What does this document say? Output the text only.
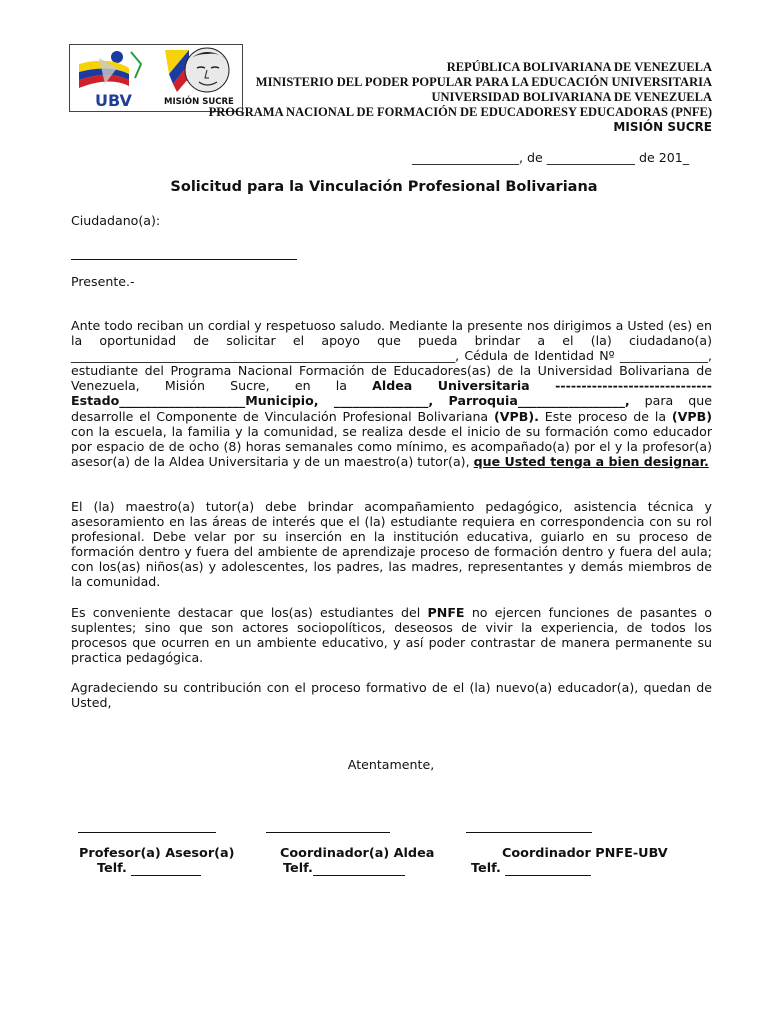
UBV	MISIÓN SUCRE
REPÚBLICA BOLIVARIANA DE VENEZUELA
MINISTERIO DEL PODER POPULAR PARA LA EDUCACIÓN UNIVERSITARIA
UNIVERSIDAD BOLIVARIANA DE VENEZUELA
PROGRAMA NACIONAL DE FORMACIÓN DE EDUCADORESY EDUCADORAS (PNFE)
MISIÓN SUCRE
_________________, de ______________ de 201_
Solicitud para la Vinculación Profesional Bolivariana
Ciudadano(a):
Presente.-
Ante todo reciban un cordial y respetuoso saludo. Mediante la presente nos dirigimos a Usted (es) en la oportunidad de solicitar el apoyo que pueda brindar a el (la) ciudadano(a) _____________________________________________________________, Cédula de Identidad Nº ______________, estudiante del Programa Nacional Formación de Educadores(as) de la Universidad Bolivariana de Venezuela, Misión Sucre, en la Aldea Universitaria ------------------------------ Estado____________________Municipio, _______________, Parroquia_________________, para que desarrolle el Componente de Vinculación Profesional Bolivariana (VPB). Este proceso de la (VPB) con la escuela, la familia y la comunidad, se realiza desde el inicio de su formación como educador por espacio de de ocho (8) horas semanales como mínimo, es acompañado(a) por el y la profesor(a) asesor(a) de la Aldea Universitaria y de un maestro(a) tutor(a), que Usted tenga a bien designar.
El (la) maestro(a) tutor(a) debe brindar acompañamiento pedagógico, asistencia técnica y asesoramiento en las áreas de interés que el (la) estudiante requiera en correspondencia con su rol profesional. Debe velar por su inserción en la institución educativa, guiarlo en su proceso de formación dentro y fuera del ambiente de aprendizaje proceso de formación dentro y fuera del aula; con los(as) niños(as) y adolescentes, los padres, las madres, representantes y demás miembros de la comunidad.
Es conveniente destacar que los(as) estudiantes del PNFE no ejercen funciones de pasantes o suplentes; sino que son actores sociopolíticos, deseosos de vivir la experiencia, de todos los procesos que ocurren en un ambiente educativo, y así poder contrastar de manera permanente su practica pedagógica.
Agradeciendo su contribución con el proceso formativo de el (la) nuevo(a) educador(a), quedan de Usted,
Atentamente,
Profesor(a) Asesor(a)
Telf.
Coordinador(a) Aldea
Telf.
Coordinador PNFE-UBV
Telf.
